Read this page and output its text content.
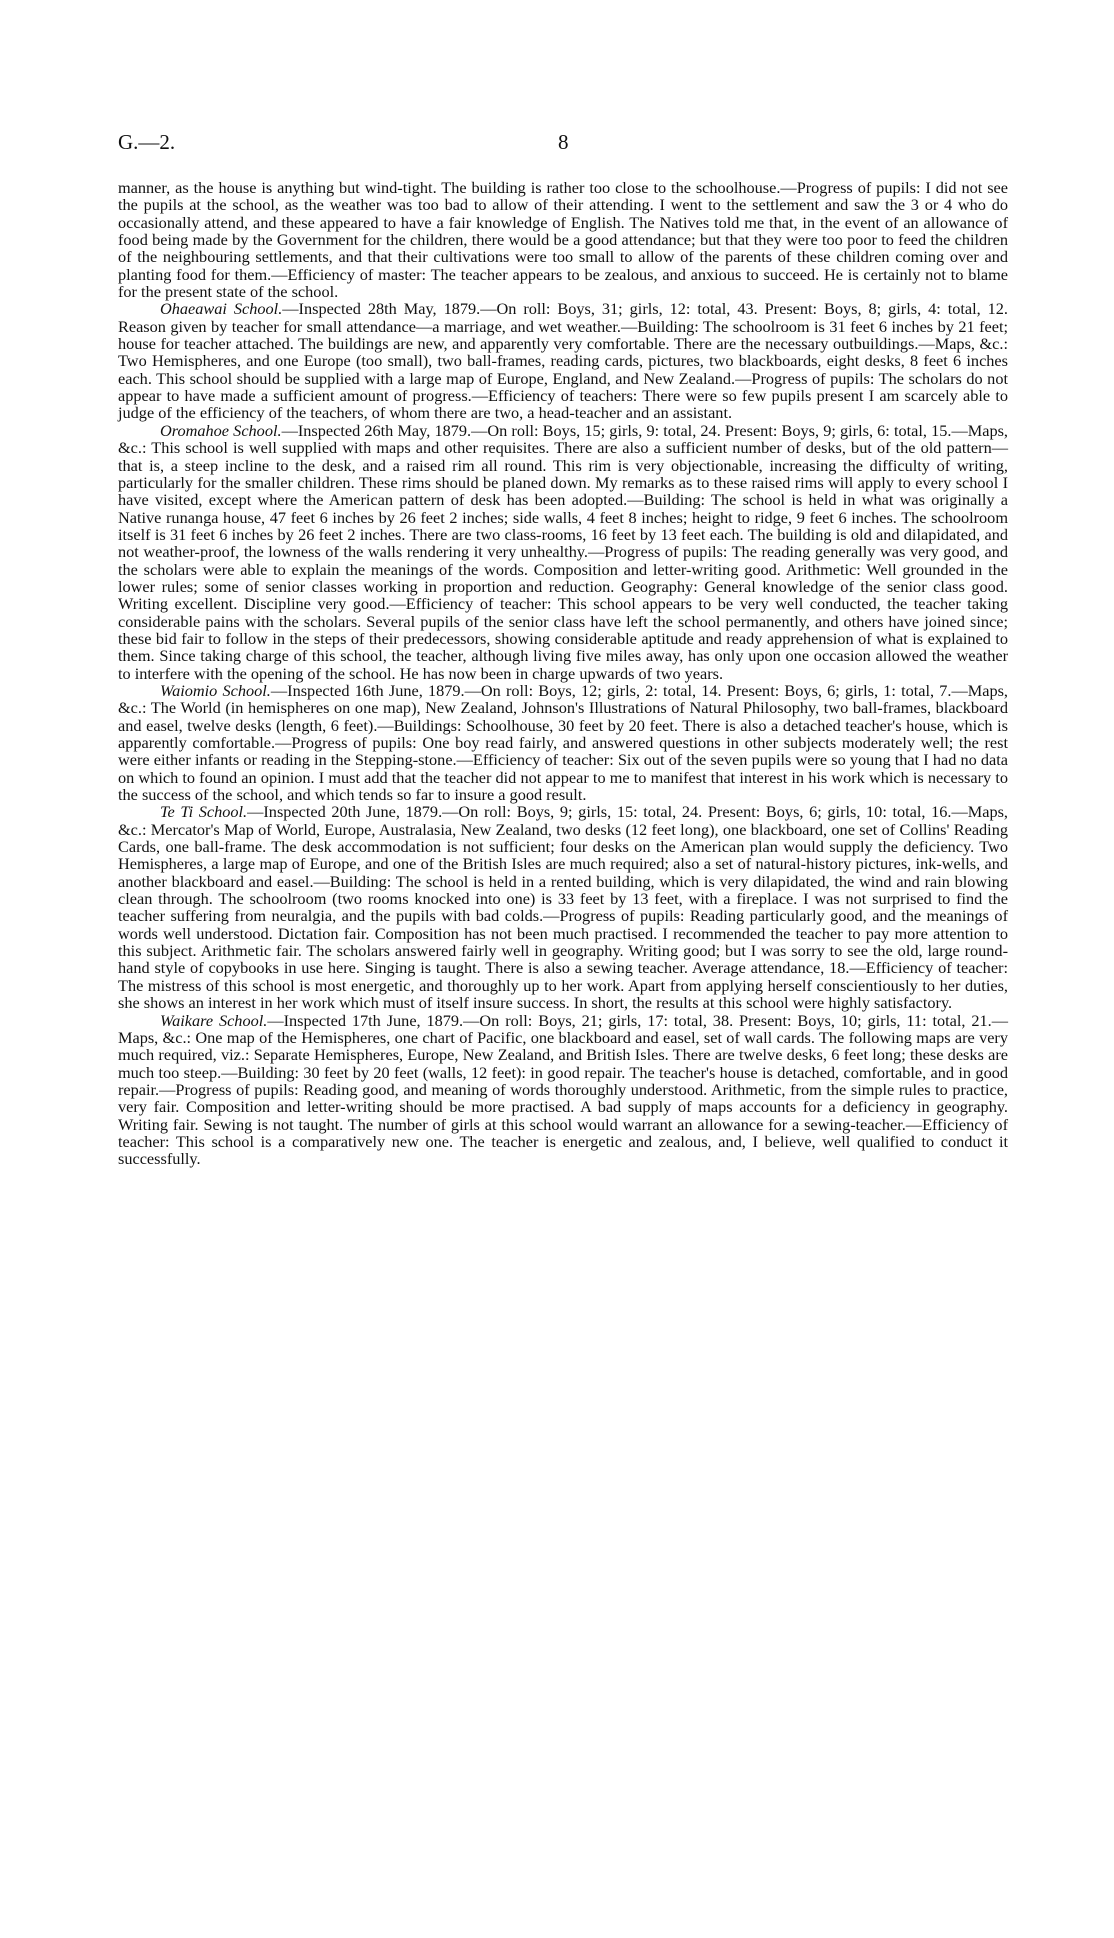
G.—2.	8

manner, as the house is anything but wind-tight. The building is rather too close to the schoolhouse.—Progress of pupils: I did not see the pupils at the school, as the weather was too bad to allow of their attending. I went to the settlement and saw the 3 or 4 who do occasionally attend, and these appeared to have a fair knowledge of English. The Natives told me that, in the event of an allowance of food being made by the Government for the children, there would be a good attendance; but that they were too poor to feed the children of the neighbouring settlements, and that their cultivations were too small to allow of the parents of these children coming over and planting food for them.—Efficiency of master: The teacher appears to be zealous, and anxious to succeed. He is certainly not to blame for the present state of the school.

Ohaeawai School.—Inspected 28th May, 1879.—On roll: Boys, 31; girls, 12: total, 43. Present: Boys, 8; girls, 4: total, 12. Reason given by teacher for small attendance—a marriage, and wet weather.—Building: The schoolroom is 31 feet 6 inches by 21 feet; house for teacher attached. The buildings are new, and apparently very comfortable. There are the necessary outbuildings.—Maps, &c.: Two Hemispheres, and one Europe (too small), two ball-frames, reading cards, pictures, two blackboards, eight desks, 8 feet 6 inches each. This school should be supplied with a large map of Europe, England, and New Zealand.—Progress of pupils: The scholars do not appear to have made a sufficient amount of progress.—Efficiency of teachers: There were so few pupils present I am scarcely able to judge of the efficiency of the teachers, of whom there are two, a head-teacher and an assistant.

Oromahoe School.—Inspected 26th May, 1879.—On roll: Boys, 15; girls, 9: total, 24. Present: Boys, 9; girls, 6: total, 15.—Maps, &c.: This school is well supplied with maps and other requisites. There are also a sufficient number of desks, but of the old pattern—that is, a steep incline to the desk, and a raised rim all round. This rim is very objectionable, increasing the difficulty of writing, particularly for the smaller children. These rims should be planed down. My remarks as to these raised rims will apply to every school I have visited, except where the American pattern of desk has been adopted.—Building: The school is held in what was originally a Native runanga house, 47 feet 6 inches by 26 feet 2 inches; side walls, 4 feet 8 inches; height to ridge, 9 feet 6 inches. The schoolroom itself is 31 feet 6 inches by 26 feet 2 inches. There are two class-rooms, 16 feet by 13 feet each. The building is old and dilapidated, and not weather-proof, the lowness of the walls rendering it very unhealthy.—Progress of pupils: The reading generally was very good, and the scholars were able to explain the meanings of the words. Composition and letter-writing good. Arithmetic: Well grounded in the lower rules; some of senior classes working in proportion and reduction. Geography: General knowledge of the senior class good. Writing excellent. Discipline very good.—Efficiency of teacher: This school appears to be very well conducted, the teacher taking considerable pains with the scholars. Several pupils of the senior class have left the school permanently, and others have joined since; these bid fair to follow in the steps of their predecessors, showing considerable aptitude and ready apprehension of what is explained to them. Since taking charge of this school, the teacher, although living five miles away, has only upon one occasion allowed the weather to interfere with the opening of the school. He has now been in charge upwards of two years.

Waiomio School.—Inspected 16th June, 1879.—On roll: Boys, 12; girls, 2: total, 14. Present: Boys, 6; girls, 1: total, 7.—Maps, &c.: The World (in hemispheres on one map), New Zealand, Johnson's Illustrations of Natural Philosophy, two ball-frames, blackboard and easel, twelve desks (length, 6 feet).—Buildings: Schoolhouse, 30 feet by 20 feet. There is also a detached teacher's house, which is apparently comfortable.—Progress of pupils: One boy read fairly, and answered questions in other subjects moderately well; the rest were either infants or reading in the Stepping-stone.—Efficiency of teacher: Six out of the seven pupils were so young that I had no data on which to found an opinion. I must add that the teacher did not appear to me to manifest that interest in his work which is necessary to the success of the school, and which tends so far to insure a good result.

Te Ti School.—Inspected 20th June, 1879.—On roll: Boys, 9; girls, 15: total, 24. Present: Boys, 6; girls, 10: total, 16.—Maps, &c.: Mercator's Map of World, Europe, Australasia, New Zealand, two desks (12 feet long), one blackboard, one set of Collins' Reading Cards, one ball-frame. The desk accommodation is not sufficient; four desks on the American plan would supply the deficiency. Two Hemispheres, a large map of Europe, and one of the British Isles are much required; also a set of natural-history pictures, ink-wells, and another blackboard and easel.—Building: The school is held in a rented building, which is very dilapidated, the wind and rain blowing clean through. The schoolroom (two rooms knocked into one) is 33 feet by 13 feet, with a fireplace. I was not surprised to find the teacher suffering from neuralgia, and the pupils with bad colds.—Progress of pupils: Reading particularly good, and the meanings of words well understood. Dictation fair. Composition has not been much practised. I recommended the teacher to pay more attention to this subject. Arithmetic fair. The scholars answered fairly well in geography. Writing good; but I was sorry to see the old, large round-hand style of copybooks in use here. Singing is taught. There is also a sewing teacher. Average attendance, 18.—Efficiency of teacher: The mistress of this school is most energetic, and thoroughly up to her work. Apart from applying herself conscientiously to her duties, she shows an interest in her work which must of itself insure success. In short, the results at this school were highly satisfactory.

Waikare School.—Inspected 17th June, 1879.—On roll: Boys, 21; girls, 17: total, 38. Present: Boys, 10; girls, 11: total, 21.—Maps, &c.: One map of the Hemispheres, one chart of Pacific, one blackboard and easel, set of wall cards. The following maps are very much required, viz.: Separate Hemispheres, Europe, New Zealand, and British Isles. There are twelve desks, 6 feet long; these desks are much too steep.—Building: 30 feet by 20 feet (walls, 12 feet): in good repair. The teacher's house is detached, comfortable, and in good repair.—Progress of pupils: Reading good, and meaning of words thoroughly understood. Arithmetic, from the simple rules to practice, very fair. Composition and letter-writing should be more practised. A bad supply of maps accounts for a deficiency in geography. Writing fair. Sewing is not taught. The number of girls at this school would warrant an allowance for a sewing-teacher.—Efficiency of teacher: This school is a comparatively new one. The teacher is energetic and zealous, and, I believe, well qualified to conduct it successfully.
